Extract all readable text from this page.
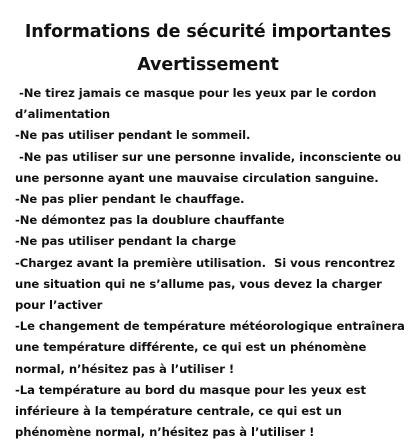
Informations de sécurité importantes
Avertissement
-Ne tirez jamais ce masque pour les yeux par le cordon d’alimentation
-Ne pas utiliser pendant le sommeil.
-Ne pas utiliser sur une personne invalide, inconsciente ou une personne ayant une mauvaise circulation sanguine.
-Ne pas plier pendant le chauffage.
-Ne démontez pas la doublure chauffante
-Ne pas utiliser pendant la charge
-Chargez avant la première utilisation.  Si vous rencontrez une situation qui ne s’allume pas, vous devez la charger pour l’activer
-Le changement de température météorologique entraînera une température différente, ce qui est un phénomène normal, n’hésitez pas à l’utiliser !
-La température au bord du masque pour les yeux est inférieure à la température centrale, ce qui est un phénomène normal, n’hésitez pas à l’utiliser !
